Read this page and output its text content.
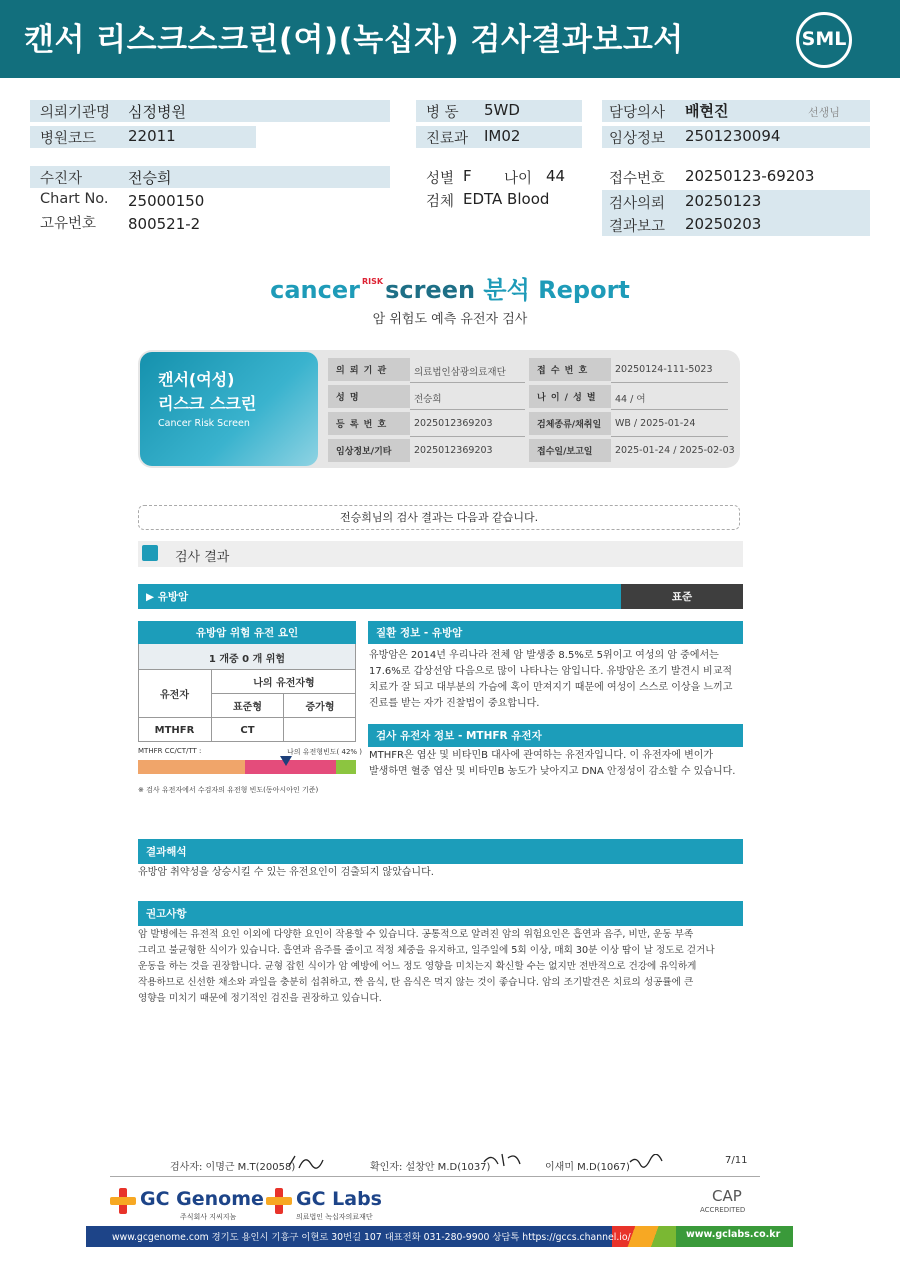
캔서 리스크스크린(여)(녹십자) 검사결과보고서	SML
의뢰기관명 심정병원
병원코드 22011
병 동 5WD
진료과 IM02
담당의사 배현진	선생님
임상정보 2501230094
수진자	전승희
Chart No. 25000150
고유번호 800521-2
성별 F 나이 44
검체 EDTA Blood
접수번호 20250123-69203
검사의뢰 20250123
결과보고 20250203
cancer $^{RISK}$screen 분석 Report
암 위험도 예측 유전자 검사
캔서(여성)
리스크 스크린
Cancer Risk Screen
의 뢰 기 관	의료법인삼광의료재단
성 명	전승희
등 록 번 호	2025012369203
임상정보/기타	2025012369203
접 수 번 호	20250124-111-5023
나 이 / 성 별	44 / 여
검체종류/채취일	WB / 2025-01-24
접수일/보고일	2025-01-24 / 2025-02-03
전승희님의 검사 결과는 다음과 같습니다.
검사 결과
▶ 유방암	표준
유방암 위험 유전 요인
1 개중 0 개 위험
유전자
나의 유전자형
표준형	증가형
MTHFR	CT
MTHFR CC/CT/TT :	나의 유전형빈도( 42% )
※ 검사 유전자에서 수검자의 유전형 빈도(동아시아인 기준)
질환 정보 - 유방암
유방암은 2014년 우리나라 전체 암 발생중 8.5%로 5위이고 여성의 암 중에서는
17.6%로 갑상선암 다음으로 많이 나타나는 암입니다. 유방암은 조기 발견시 비교적
치료가 잘 되고 대부분의 가슴에 혹이 만져지기 때문에 여성이 스스로 이상을 느끼고
진료를 받는 자가 진찰법이 중요합니다.
검사 유전자 정보 - MTHFR 유전자
MTHFR은 엽산 및 비타민B 대사에 관여하는 유전자입니다. 이 유전자에 변이가
발생하면 혈중 엽산 및 비타민B 농도가 낮아지고 DNA 안정성이 감소할 수 있습니다.
결과해석
유방암 취약성을 상승시킬 수 있는 유전요인이 검출되지 않았습니다.
권고사항
암 발병에는 유전적 요인 이외에 다양한 요인이 작용할 수 있습니다. 공통적으로 알려진 암의 위험요인은 흡연과 음주, 비만, 운동 부족
그리고 불균형한 식이가 있습니다. 흡연과 음주를 줄이고 적정 체중을 유지하고, 일주일에 5회 이상, 매회 30분 이상 땀이 날 정도로 걷거나
운동을 하는 것을 권장합니다. 균형 잡힌 식이가 암 예방에 어느 정도 영향을 미치는지 확신할 수는 없지만 전반적으로 건강에 유익하게
작용하므로 신선한 채소와 과일을 충분히 섭취하고, 짠 음식, 탄 음식은 먹지 않는 것이 좋습니다. 암의 조기발견은 치료의 성공률에 큰
영향을 미치기 때문에 정기적인 검진을 권장하고 있습니다.
검사자: 이명근 M.T(20058)	확인자: 설창안 M.D(1037)	이새미 M.D(1067)
7/11
GC Genome
주식회사 지씨지놈
GC Labs
의료법인 녹십자의료재단
CAP
ACCREDITED
www.gcgenome.com 경기도 용인시 기흥구 이현로 30번길 107 대표전화 031-280-9900 상담톡 https://gccs.channel.io/	www.gclabs.co.kr
